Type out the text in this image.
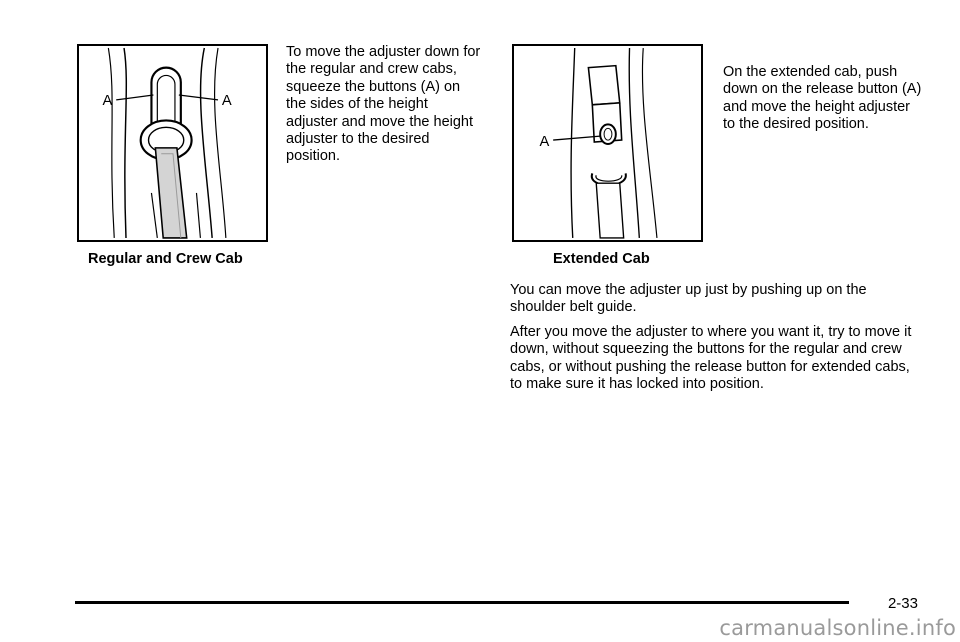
A	A
Regular and Crew Cab
To move the adjuster down for the regular and crew cabs, squeeze the buttons (A) on the sides of the height adjuster and move the height adjuster to the desired position.
A
Extended Cab
On the extended cab, push down on the release button (A) and move the height adjuster to the desired position.
You can move the adjuster up just by pushing up on the shoulder belt guide.
After you move the adjuster to where you want it, try to move it down, without squeezing the buttons for the regular and crew cabs, or without pushing the release button for extended cabs, to make sure it has locked into position.
2-33
carmanualsonline.info
